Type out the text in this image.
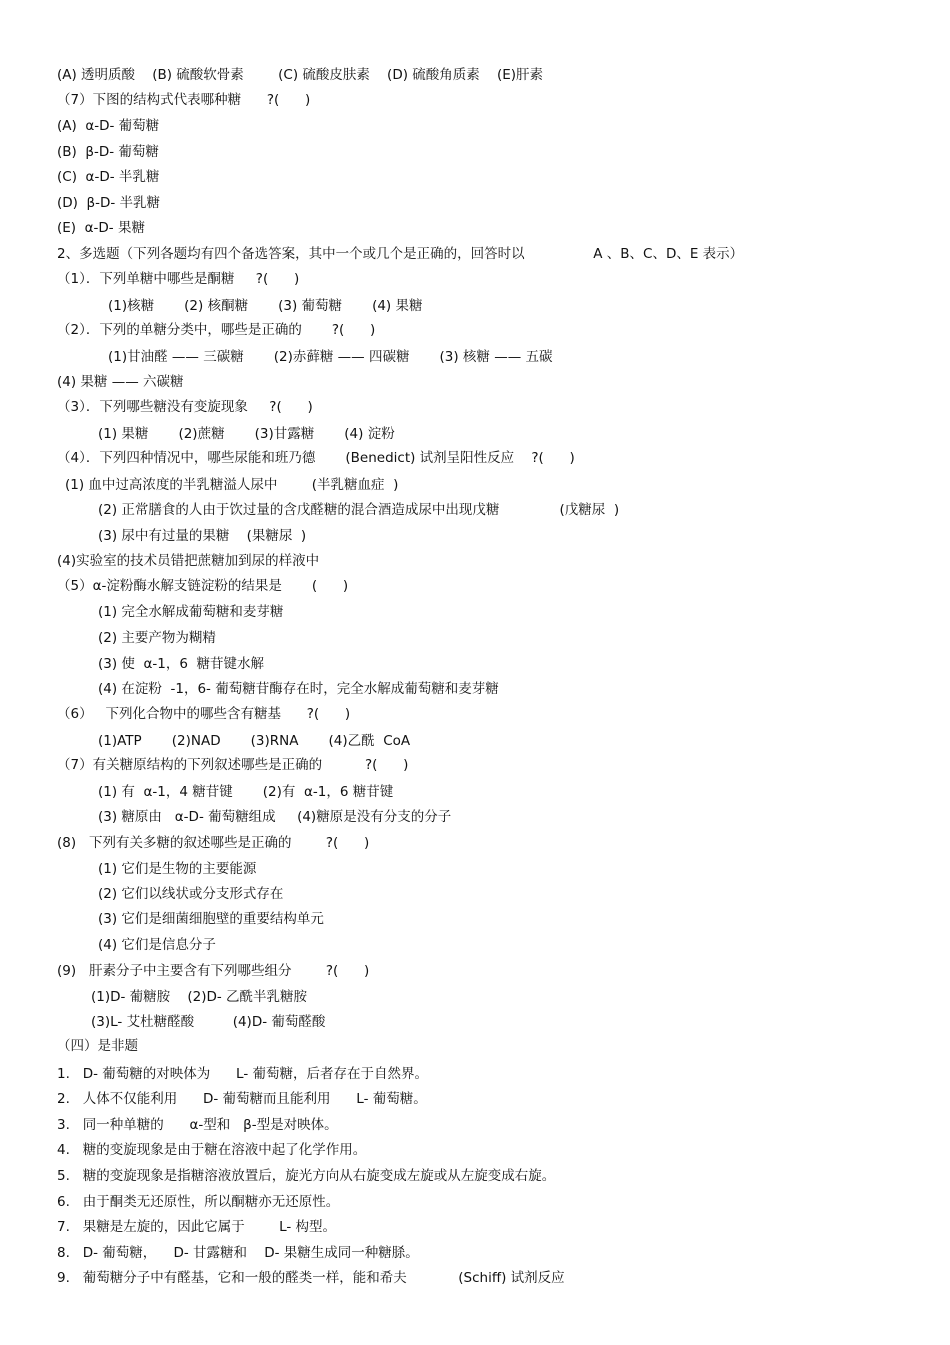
(A) 透明质酸    (B) 硫酸软骨素        (C) 硫酸皮肤素    (D) 硫酸角质素    (E)肝素
（7）下图的结构式代表哪种糖      ?(      )
(A)  α-D- 葡萄糖
(B)  β-D- 葡萄糖
(C)  α-D- 半乳糖
(D)  β-D- 半乳糖
(E)  α-D- 果糖
2、多选题（下列各题均有四个备选答案，其中一个或几个是正确的，回答时以                A 、B、C、D、E 表示）
（1）．下列单糖中哪些是酮糖     ?(      )
(1)核糖       (2) 核酮糖       (3) 葡萄糖       (4) 果糖
（2）．下列的单糖分类中，哪些是正确的       ?(      )
(1)甘油醛 —— 三碳糖       (2)赤藓糖 —— 四碳糖       (3) 核糖 —— 五碳
(4) 果糖 —— 六碳糖
（3）．下列哪些糖没有变旋现象     ?(      )
(1) 果糖       (2)蔗糖       (3)甘露糖       (4) 淀粉
（4）．下列四种情况中，哪些尿能和班乃德       (Benedict) 试剂呈阳性反应    ?(      )
(1) 血中过高浓度的半乳糖溢人尿中        (半乳糖血症  )
(2) 正常膳食的人由于饮过量的含戊醛糖的混合酒造成尿中出现戊糖              (戊糖尿  )
(3) 尿中有过量的果糖    (果糖尿  )
(4)实验室的技术员错把蔗糖加到尿的样液中
（5）α-淀粉酶水解支链淀粉的结果是       (      )
(1) 完全水解成葡萄糖和麦芽糖
(2) 主要产物为糊精
(3) 使  α-1，6  糖苷键水解
(4) 在淀粉  -1，6- 葡萄糖苷酶存在时，完全水解成葡萄糖和麦芽糖
（6）   下列化合物中的哪些含有糖基      ?(      )
(1)ATP       (2)NAD       (3)RNA       (4)乙酰  CoA
（7）有关糖原结构的下列叙述哪些是正确的          ?(      )
(1) 有  α-1，4 糖苷键       (2)有  α-1，6 糖苷键
(3) 糖原由   α-D- 葡萄糖组成     (4)糖原是没有分支的分子
(8)   下列有关多糖的叙述哪些是正确的        ?(      )
(1) 它们是生物的主要能源
(2) 它们以线状或分支形式存在
(3) 它们是细菌细胞壁的重要结构单元
(4) 它们是信息分子
(9)   肝素分子中主要含有下列哪些组分        ?(      )
(1)D- 葡糖胺    (2)D- 乙酰半乳糖胺
(3)L- 艾杜糖醛酸         (4)D- 葡萄醛酸
（四）是非题
1.   D- 葡萄糖的对映体为      L- 葡萄糖，后者存在于自然界。
2.   人体不仅能利用      D- 葡萄糖而且能利用      L- 葡萄糖。
3.   同一种单糖的      α-型和   β-型是对映体。
4.   糖的变旋现象是由于糖在溶液中起了化学作用。
5.   糖的变旋现象是指糖溶液放置后，旋光方向从右旋变成左旋或从左旋变成右旋。
6.   由于酮类无还原性，所以酮糖亦无还原性。
7.   果糖是左旋的，因此它属于        L- 构型。
8.   D- 葡萄糖，    D- 甘露糖和    D- 果糖生成同一种糖脎。
9.   葡萄糖分子中有醛基，它和一般的醛类一样，能和希夫            (Schiff) 试剂反应
